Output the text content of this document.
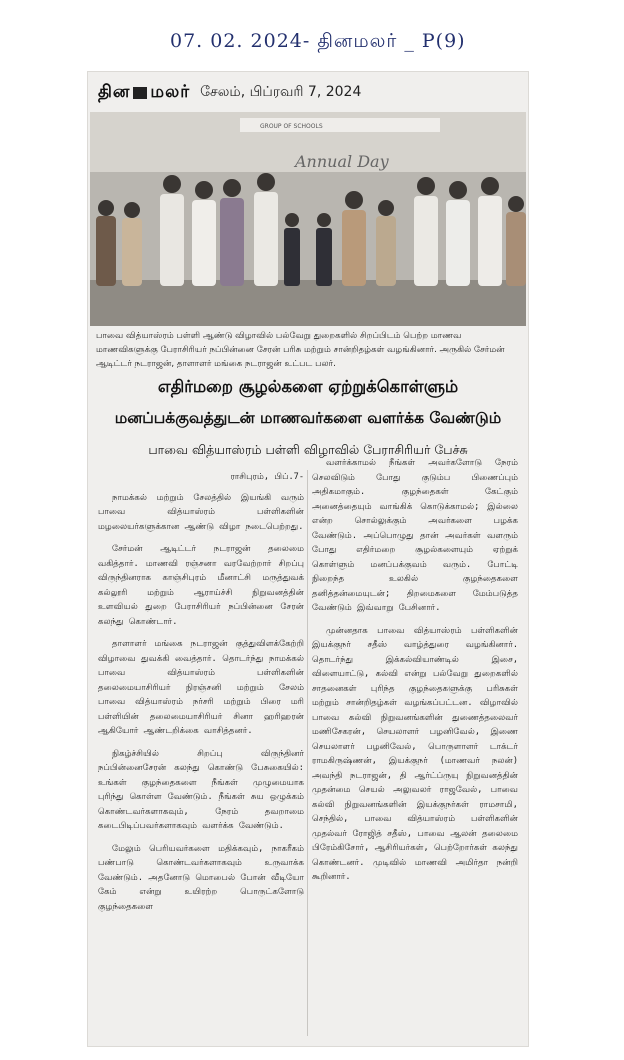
07. 02. 2024- தினமலர் _ P(9)
தின மலர் சேலம், பிப்ரவரி 7, 2024
GROUP OF SCHOOLS
Annual Day
பாவை வித்யாஸ்ரம் பள்ளி ஆண்டு விழாவில் பல்வேறு துறைகளில் சிறப்பிடம் பெற்ற மாணவ மாணவிகளுக்கு பேராசிரியர் நப்பின்னை சேரன் பரிசு மற்றும் சான்றிதழ்கள் வழங்கினார். அருகில் சேர்மன் ஆடிட்டர் நடராஜன், தாளாளர் மங்கை நடராஜன் உட்பட பலர்.
எதிர்மறை சூழல்களை ஏற்றுக்கொள்ளும்
மனப்பக்குவத்துடன் மாணவர்களை வளர்க்க வேண்டும்
பாவை வித்யாஸ்ரம் பள்ளி விழாவில் பேராசிரியர் பேச்சு
ராசிபுரம், பிப்.7-

நாமக்கல் மற்றும் சேலத்தில் இயங்கி வரும் பாவை வித்யாஸ்ரம் பள்ளிகளின் மழலையர்களுக்கான ஆண்டு விழா நடைபெற்றது.

சேர்மன் ஆடிட்டர் நடராஜன் தலைமை வகித்தார். மாணவி ரஞ்சனா வரவேற்றார் சிறப்பு விருந்தினராக காஞ்சிபுரம் மீனாட்சி மருத்துவக் கல்லூரி மற்றும் ஆராய்ச்சி நிறுவனத்தின் உளவியல் துறை பேராசிரியர் நப்பின்னை சேரன் கலந்து கொண்டார்.

தாளாளர் மங்கை நடராஜன் குத்துவிளக்கேற்றி விழாவை துவக்கி வைத்தார். தொடர்ந்து நாமக்கல் பாவை வித்யாஸ்ரம் பள்ளிகளின் தலைமையாசிரியர் நிரஞ்சனி மற்றும் சேலம் பாவை வித்யாஸ்ரம் நர்சரி மற்றும் பிரை மரி பள்ளியின் தலைமையாசிரியர் சினா ஹரிஹரன் ஆகியோர் ஆண்டறிக்கை வாசித்தனர்.

நிகழ்ச்சியில் சிறப்பு விருந்தினர் நப்பின்னைசேரன் கலந்து கொண்டு பேசுகையில்: உங்கள் குழந்தைகளை நீங்கள் முழுமையாக புரிந்து கொள்ள வேண்டும். நீங்கள் சுய ஒழுக்கம் கொண்டவர்களாகவும், நேரம் தவறாமை கடைபிடிப்பவர்களாகவும் வளர்க்க வேண்டும்.

மேலும் பெரியவர்களை மதிக்கவும், நாகரீகம் பண்பாடு கொண்டவர்களாகவும் உருவாக்க வேண்டும். அதனோடு மொபைல் போன் வீடியோ கேம் என்று உயிரற்ற பொருட்களோடு குழந்தைகளை

வளர்க்காமல் நீங்கள் அவர்களோடு நேரம் செலவிடும் போது குடும்ப பிணைப்பும் அதிகமாகும். குழந்தைகள் கேட்கும் அனைத்தையும் வாங்கிக் கொடுக்காமல்; இல்லை என்ற சொல்லுக்கும் அவர்களை பழக்க வேண்டும். அப்பொழுது தான் அவர்கள் வளரும் போது எதிர்மறை சூழல்களையும் ஏற்றுக் கொள்ளும் மனப்பக்குவம் வரும். போட்டி நிறைந்த உலகில் குழந்தைகளை தனித்தன்மையுடன்; திறமைகளை மேம்படுத்த வேண்டும் இவ்வாறு பேசினார்.

முன்னதாக பாவை வித்யாஸ்ரம் பள்ளிகளின் இயக்குநர் சதீஸ் வாழ்த்துரை வழங்கினார். தொடர்ந்து இக்கல்வியாண்டில் இசை, விளையாட்டு, கல்வி என்று பல்வேறு துறைகளில் சாதனைகள் புரிந்த குழந்தைகளுக்கு பரிசுகள் மற்றும் சான்றிதழ்கள் வழங்கப்பட்டன. விழாவில் பாவை கல்வி நிறுவனங்களின் துணைத்தலைவர் மணிசேகரன், செயலாளர் பழனிவேல், இணை செயலாளர் பழனிவேல், பொருளாளர் டாக்டர் ராமகிருஷ்ணன், இயக்குநர் (மாணவர் நலன்) அவந்தி நடராஜன், தி ஆர்ட்ப்ருயு நிறுவனத்தின் முதன்மை செயல் அலுவலர் ராஜவேல், பாவை கல்வி நிறுவனங்களின் இயக்குநர்கள் ராமசாமி, செந்தில், பாவை வித்யாஸ்ரம் பள்ளிகளின் முதல்வர் ரோஜித் சதீஸ், பாவை ஆலன் தலைமை பிரேம்கிசோர், ஆசிரியர்கள், பெற்றோர்கள் கலந்து கொண்டனர். முடிவில் மாணவி அமிர்தா நன்றி கூறினார்.
